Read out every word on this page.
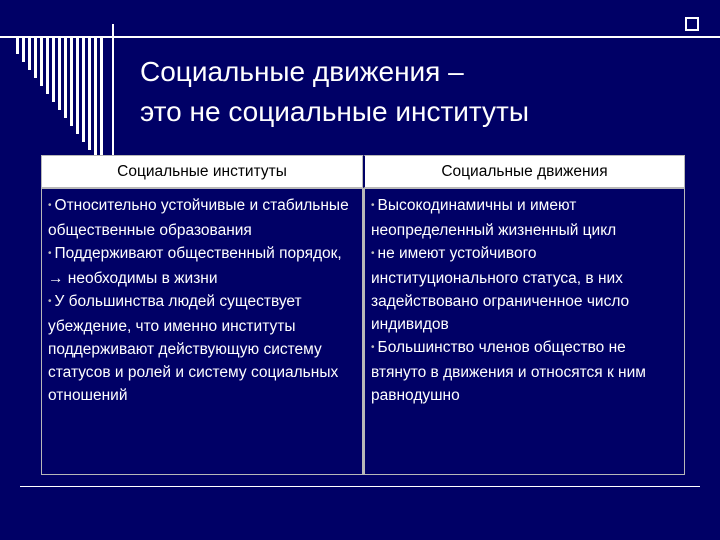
Социальные движения –
это не социальные институты
Социальные институты	Социальные движения

• Относительно устойчивые и стабильные общественные образования

• Поддерживают общественный порядок, → необходимы в жизни

• У большинства людей существует убеждение, что именно институты поддерживают действующую систему статусов и ролей и систему социальных отношений

• Высокодинамичны и имеют неопределенный жизненный цикл

• не имеют устойчивого институционального статуса, в них задействовано ограниченное число индивидов

• Большинство членов общество не втянуто в движения и относятся к ним равнодушно
